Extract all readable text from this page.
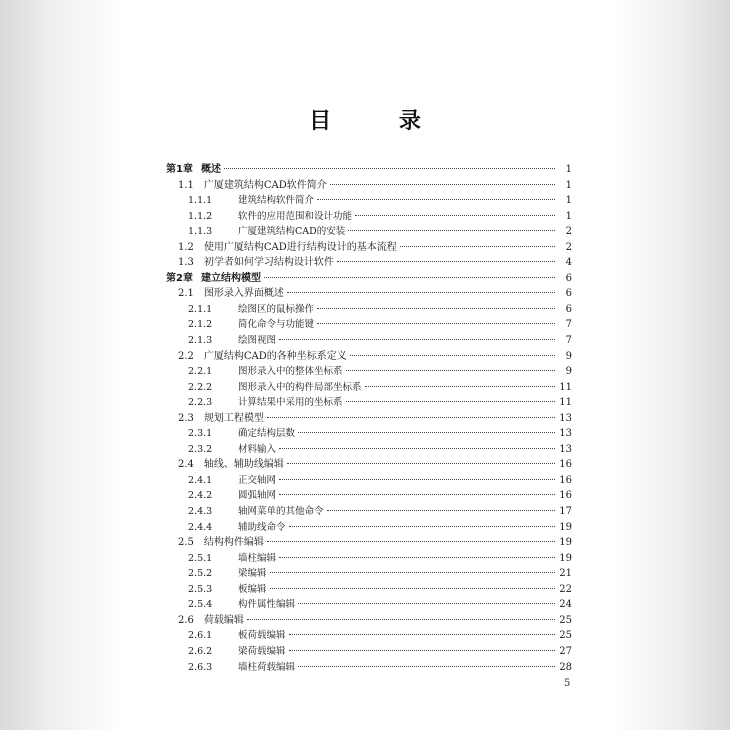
目 录
第1章 概述	1
1.1 广厦建筑结构CAD软件简介	1
1.1.1	建筑结构软件简介	1
1.1.2	软件的应用范围和设计功能	1
1.1.3	广厦建筑结构CAD的安装	2
1.2 使用广厦结构CAD进行结构设计的基本流程	2
1.3 初学者如何学习结构设计软件	4
第2章 建立结构模型	6
2.1 图形录入界面概述	6
2.1.1	绘图区的鼠标操作	6
2.1.2	简化命令与功能键	7
2.1.3	绘图视图	7
2.2 广厦结构CAD的各种坐标系定义	9
2.2.1	图形录入中的整体坐标系	9
2.2.2	图形录入中的构件局部坐标系	11
2.2.3	计算结果中采用的坐标系	11
2.3 规划工程模型	13
2.3.1	确定结构层数	13
2.3.2	材料输入	13
2.4 轴线、辅助线编辑	16
2.4.1	正交轴网	16
2.4.2	圆弧轴网	16
2.4.3	轴网菜单的其他命令	17
2.4.4	辅助线命令	19
2.5 结构构件编辑	19
2.5.1	墙柱编辑	19
2.5.2	梁编辑	21
2.5.3	板编辑	22
2.5.4	构件属性编辑	24
2.6 荷载编辑	25
2.6.1	板荷载编辑	25
2.6.2	梁荷载编辑	27
2.6.3	墙柱荷载编辑	28
5
